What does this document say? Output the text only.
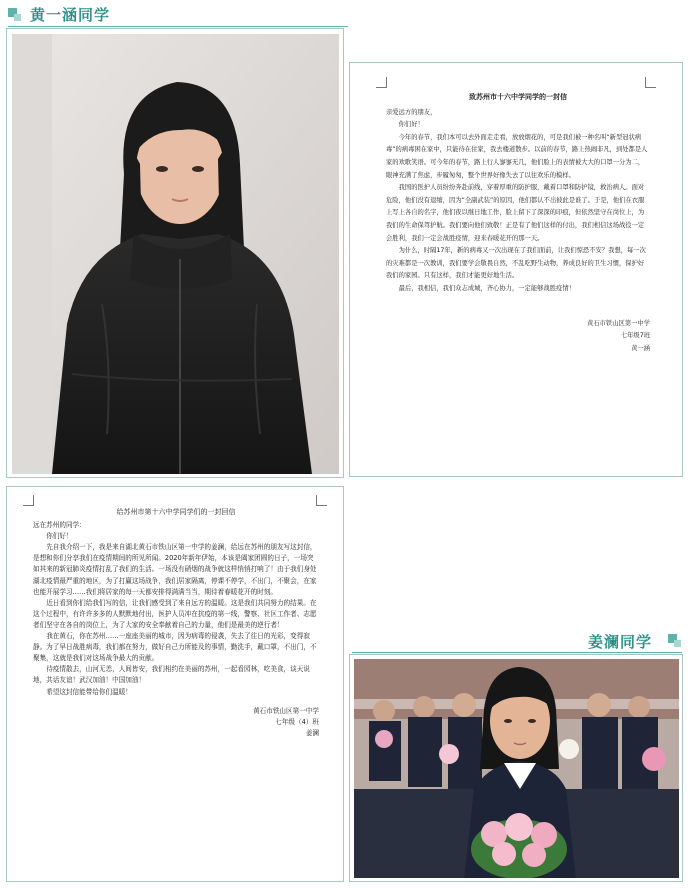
黄一涵同学

致苏州市十六中学同学的一封信

亲爱远方的朋友，

你们好！

今年的春节，我们本可以去外面走走看，放放烟花的，可是我们被一种名叫“新型冠状病毒”的病毒困在家中，只能待在住家，我去楼道散步。以前的春节，路上热闹非凡，到处都是人家的欢歌笑语。可今年的春节，路上行人寥寥无几，他们脸上的表情被大大的口罩一分为二，眼神充满了焦虑，步履匆匆，整个世界好像失去了以往欢乐的模样。

我国的医护人员纷纷奔赴前线，穿着厚重的防护服，戴着口罩和防护镜，救治病人。面对危险，他们没有退缩，因为“全副武装”的原因，他们都认不出彼此是谁了。于是，他们在衣服上写上各自的名字，他们夜以继日地工作，脸上留下了深深的印痕，但依然坚守在岗位上，为我们的生命保驾护航。我们要向他们致敬！正是有了他们这样的付出，我们相信这场战役一定会胜利，我们一定会战胜疫情，迎来春暖花开的那一天。

为什么，时隔17年，新的病毒又一次出现在了我们面前，让我们惊恐不安？我想，每一次的灾难都是一次教训，我们要学会敬畏自然，不乱吃野生动物，养成良好的卫生习惯，保护好我们的家园。只有这样，我们才能更好地生活。

最后，我相信，我们众志成城，齐心协力，一定能够战胜疫情！

黄石市铁山区第一中学

七年级7班

黄一涵

给苏州市第十六中学同学们的一封回信

远在苏州的同学：

你们好！

先自我介绍一下，我是来自湖北黄石市铁山区第一中学的姜澜，给远在苏州的朋友写这封信，是想和你们分享我们在疫情期间的所见所闻。2020年新年伊始，本该是阖家团圆的日子，一场突如其来的新冠肺炎疫情打乱了我们的生活。一场没有硝烟的战争就这样悄悄打响了！由于我们身处湖北疫情最严重的地区，为了打赢这场战争，我们居家隔离，停课不停学，不出门，不聚会，在家也能开展学习……我们将居家的每一天都安排得满满当当，期待着春暖花开的时刻。

近日看到你们给我们写的信，让我们感受到了来自远方的温暖。这是我们共同努力的结果。在这个过程中，有许许多多的人默默地付出，医护人员冲在抗疫的第一线，警察、社区工作者、志愿者们坚守在各自的岗位上，为了大家的安全奉献着自己的力量，他们是最美的逆行者！

我在黄石，你在苏州……一座座美丽的城市，因为病毒的侵袭，失去了往日的光彩，变得寂静。为了早日战胜病毒，我们都在努力，做好自己力所能及的事情，勤洗手，戴口罩，不出门，不聚集，这就是我们对这场战争最大的贡献。

待疫情散去，山河无恙，人间皆安，我们相约在美丽的苏州，一起看园林，吃美食，谈天说地，共话友谊！武汉加油！中国加油！

希望这封信能带给你们温暖！

黄石市铁山区第一中学

七年级（4）班

姜澜

姜澜同学
